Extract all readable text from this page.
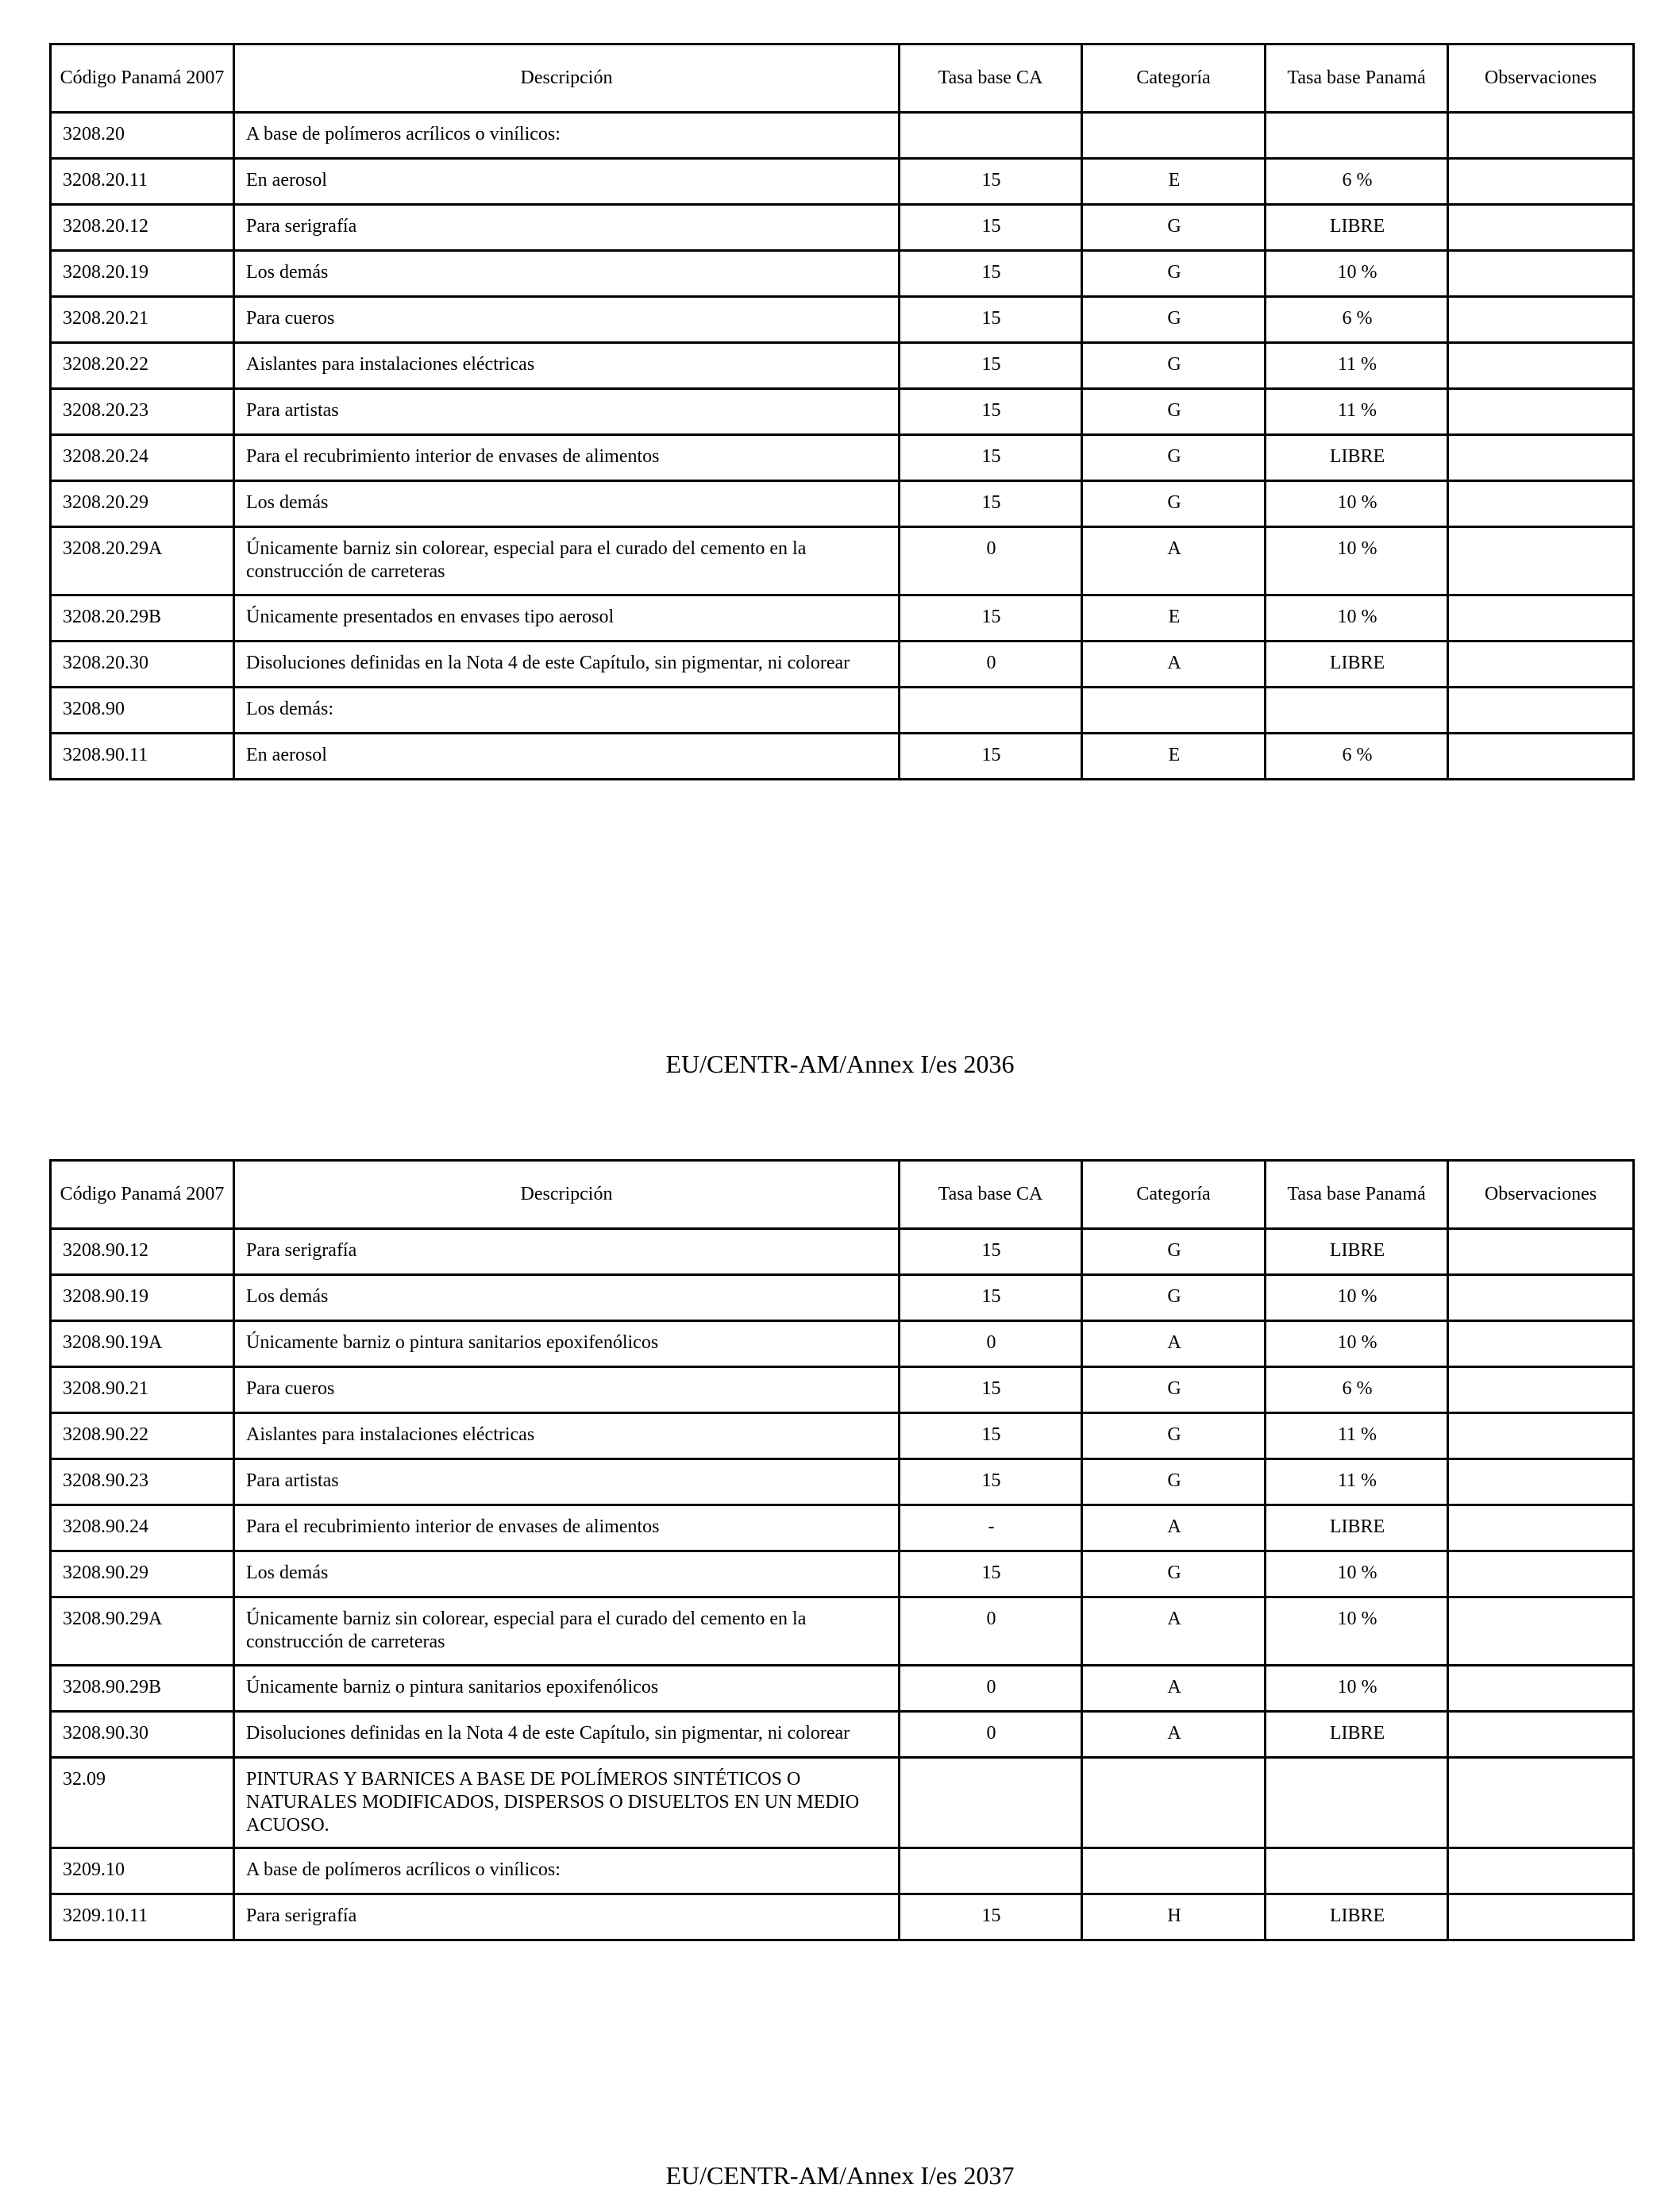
Código Panamá 2007	Descripción	Tasa base CA	Categoría	Tasa base Panamá	Observaciones
3208.20	A base de polímeros acrílicos o vinílicos:				
3208.20.11	En aerosol	15	E	6 %	
3208.20.12	Para serigrafía	15	G	LIBRE	
3208.20.19	Los demás	15	G	10 %	
3208.20.21	Para cueros	15	G	6 %	
3208.20.22	Aislantes para instalaciones eléctricas	15	G	11 %	
3208.20.23	Para artistas	15	G	11 %	
3208.20.24	Para el recubrimiento interior de envases de alimentos	15	G	LIBRE	
3208.20.29	Los demás	15	G	10 %	
3208.20.29A	Únicamente barniz sin colorear, especial para el curado del cemento en la construcción de carreteras	0	A	10 %	
3208.20.29B	Únicamente presentados en envases tipo aerosol	15	E	10 %	
3208.20.30	Disoluciones definidas en la Nota 4 de este Capítulo, sin pigmentar, ni colorear	0	A	LIBRE	
3208.90	Los demás:				
3208.90.11	En aerosol	15	E	6 %	
EU/CENTR-AM/Annex I/es 2036
Código Panamá 2007	Descripción	Tasa base CA	Categoría	Tasa base Panamá	Observaciones
3208.90.12	Para serigrafía	15	G	LIBRE	
3208.90.19	Los demás	15	G	10 %	
3208.90.19A	Únicamente barniz o pintura sanitarios epoxifenólicos	0	A	10 %	
3208.90.21	Para cueros	15	G	6 %	
3208.90.22	Aislantes para instalaciones eléctricas	15	G	11 %	
3208.90.23	Para artistas	15	G	11 %	
3208.90.24	Para el recubrimiento interior de envases de alimentos	-	A	LIBRE	
3208.90.29	Los demás	15	G	10 %	
3208.90.29A	Únicamente barniz sin colorear, especial para el curado del cemento en la construcción de carreteras	0	A	10 %	
3208.90.29B	Únicamente barniz o pintura sanitarios epoxifenólicos	0	A	10 %	
3208.90.30	Disoluciones definidas en la Nota 4 de este Capítulo, sin pigmentar, ni colorear	0	A	LIBRE	
32.09	PINTURAS Y BARNICES A BASE DE POLÍMEROS SINTÉTICOS O NATURALES MODIFICADOS, DISPERSOS O DISUELTOS EN UN MEDIO ACUOSO.				
3209.10	A base de polímeros acrílicos o vinílicos:				
3209.10.11	Para serigrafía	15	H	LIBRE	
EU/CENTR-AM/Annex I/es 2037
